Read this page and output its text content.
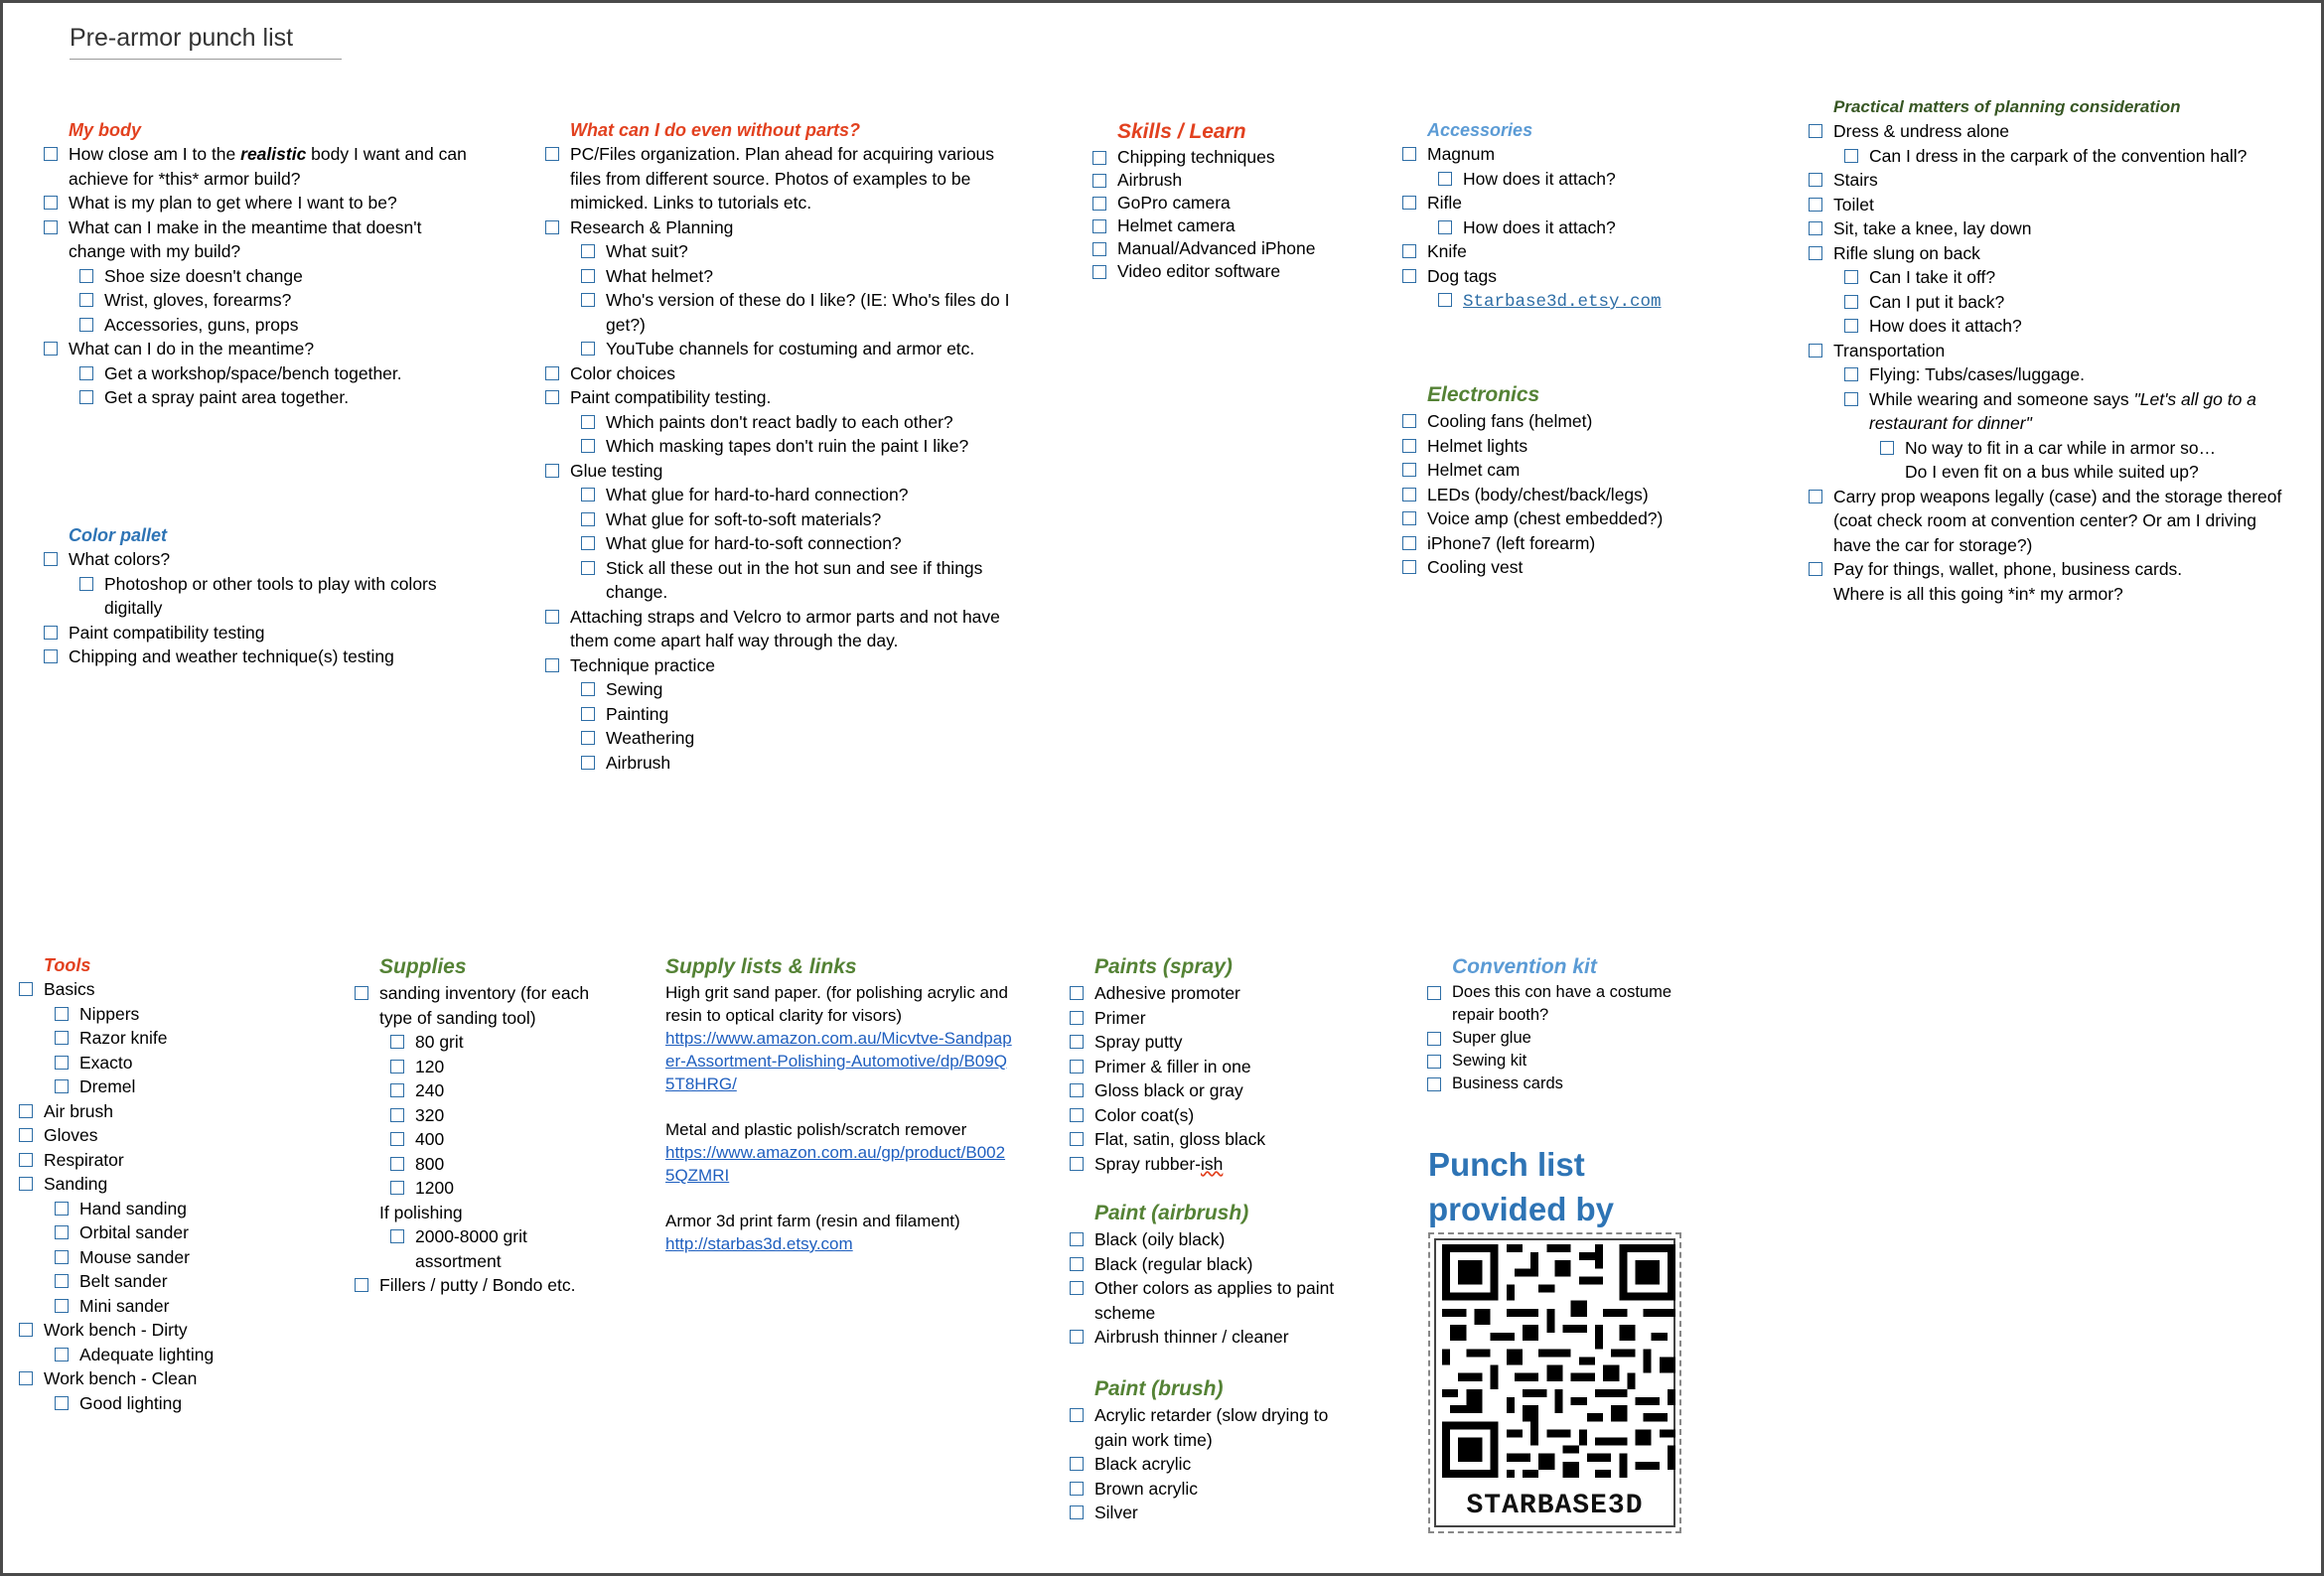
Pre-armor punch list
My body
How close am I to the realistic body I want and can achieve for *this* armor build?
What is my plan to get where I want to be?
What can I make in the meantime that doesn't change with my build?
Shoe size doesn't change
Wrist, gloves, forearms?
Accessories, guns, props
What can I do in the meantime?
Get a workshop/space/bench together.
Get a spray paint area together.
Color pallet
What colors?
Photoshop or other tools to play with colors digitally
Paint compatibility testing
Chipping and weather technique(s) testing
What can I do even without parts?
PC/Files organization. Plan ahead for acquiring various files from different source. Photos of examples to be mimicked. Links to tutorials etc.
Research & Planning
What suit?
What helmet?
Who's version of these do I like? (IE: Who's files do I get?)
YouTube channels for costuming and armor etc.
Color choices
Paint compatibility testing.
Which paints don't react badly to each other?
Which masking tapes don't ruin the paint I like?
Glue testing
What glue for hard-to-hard connection?
What glue for soft-to-soft materials?
What glue for hard-to-soft connection?
Stick all these out in the hot sun and see if things change.
Attaching straps and Velcro to armor parts and not have them come apart half way through the day.
Technique practice
Sewing
Painting
Weathering
Airbrush
Skills / Learn
Chipping techniques
Airbrush
GoPro camera
Helmet camera
Manual/Advanced iPhone
Video editor software
Accessories
Magnum
How does it attach?
Rifle
How does it attach?
Knife
Dog tags
Starbase3d.etsy.com
Electronics
Cooling fans (helmet)
Helmet lights
Helmet cam
LEDs (body/chest/back/legs)
Voice amp (chest embedded?)
iPhone7 (left forearm)
Cooling vest
Practical matters of planning consideration
Dress & undress alone
Can I dress in the carpark of the convention hall?
Stairs
Toilet
Sit, take a knee, lay down
Rifle slung on back
Can I take it off?
Can I put it back?
How does it attach?
Transportation
Flying: Tubs/cases/luggage.
While wearing and someone says "Let's all go to a restaurant for dinner"
No way to fit in a car while in armor so…
Do I even fit on a bus while suited up?
Carry prop weapons legally (case) and the storage thereof (coat check room at convention center? Or am I driving have the car for storage?)
Pay for things, wallet, phone, business cards.
Where is all this going *in* my armor?
Tools
Basics
Nippers
Razor knife
Exacto
Dremel
Air brush
Gloves
Respirator
Sanding
Hand sanding
Orbital sander
Mouse sander
Belt sander
Mini sander
Work bench - Dirty
Adequate lighting
Work bench - Clean
Good lighting
Supplies
sanding inventory (for each type of sanding tool)
80 grit
120
240
320
400
800
1200
If polishing
2000-8000 grit assortment
Fillers / putty / Bondo etc.
Supply lists & links

High grit sand paper. (for polishing acrylic and resin to optical clarity for visors)

https://www.amazon.com.au/Micvtve-Sandpaper-Assortment-Polishing-Automotive/dp/B09Q5T8HRG/

Metal and plastic polish/scratch remover

https://www.amazon.com.au/gp/product/B0025QZMRI

Armor 3d print farm (resin and filament)

http://starbas3d.etsy.com

Paints (spray)
Adhesive promoter
Primer
Spray putty
Primer & filler in one
Gloss black or gray
Color coat(s)
Flat, satin, gloss black
Spray rubber-ish
Paint (airbrush)
Black (oily black)
Black (regular black)
Other colors as applies to paint scheme
Airbrush thinner / cleaner
Paint (brush)
Acrylic retarder (slow drying to gain work time)
Black acrylic
Brown acrylic
Silver
Convention kit
Does this con have a costume repair booth?
Super glue
Sewing kit
Business cards
Punch list
provided by
STARBASE3D
